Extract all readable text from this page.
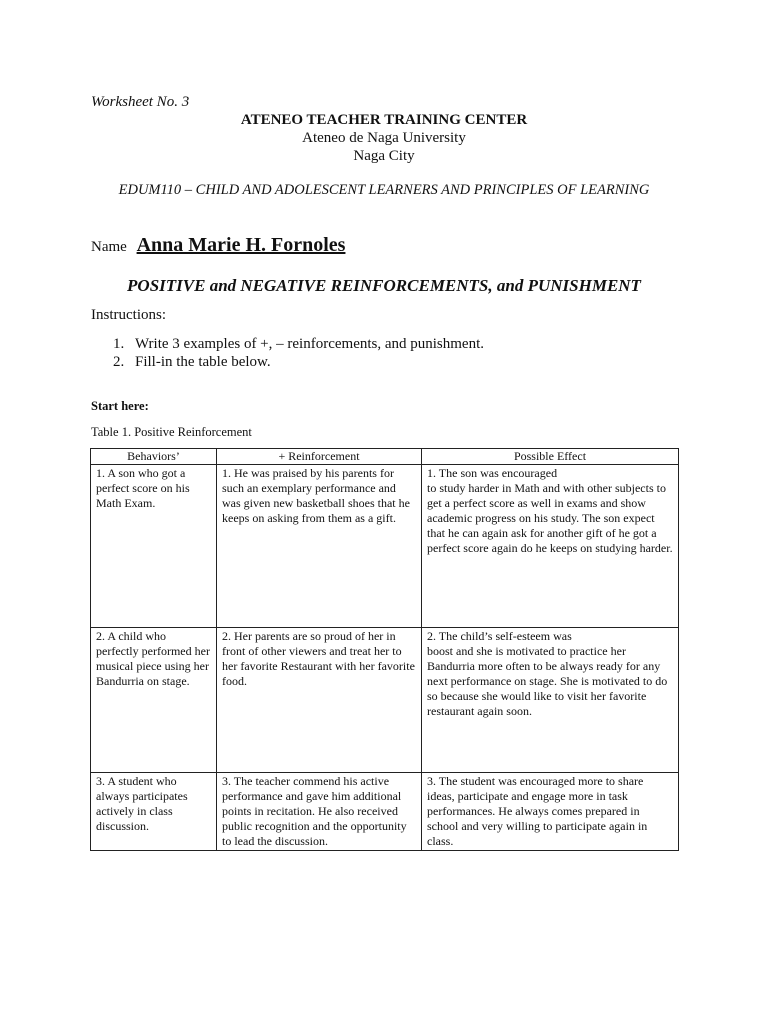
Worksheet No. 3
ATENEO TEACHER TRAINING CENTER
Ateneo de Naga University
Naga City
EDUM110 – CHILD AND ADOLESCENT LEARNERS AND PRINCIPLES OF LEARNING
Name Anna Marie H. Fornoles
POSITIVE and NEGATIVE REINFORCEMENTS, and PUNISHMENT
Instructions:
1. Write 3 examples of +, – reinforcements, and punishment.
2. Fill-in the table below.
Start here:
Table 1. Positive Reinforcement
Behaviors’	+ Reinforcement	Possible Effect
1. A son who got a perfect score on his Math Exam.	1. He was praised by his parents for such an exemplary performance and was given new basketball shoes that he keeps on asking from them as a gift.	1. The son was encouraged
to study harder in Math and with other subjects to get a perfect score as well in exams and show academic progress on his study. The son expect that he can again ask for another gift of he got a perfect score again do he keeps on studying harder.
2. A child who perfectly performed her musical piece using her Bandurria on stage.	2. Her parents are so proud of her in front of other viewers and treat her to her favorite Restaurant with her favorite food.	2. The child’s self-esteem was
boost and she is motivated to practice her Bandurria more often to be always ready for any next performance on stage. She is motivated to do so because she would like to visit her favorite restaurant again soon.
3. A student who always participates actively in class discussion.	3. The teacher commend his active performance and gave him additional points in recitation. He also received public recognition and the opportunity to lead the discussion.	3. The student was encouraged more to share ideas, participate and engage more in task performances. He always comes prepared in school and very willing to participate again in class.
